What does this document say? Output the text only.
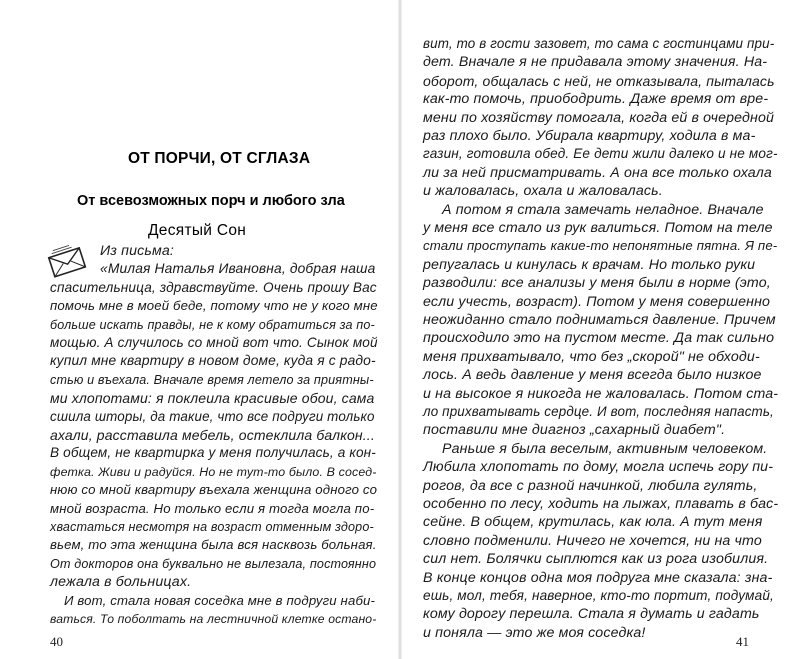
ОТ ПОРЧИ, ОТ СГЛАЗА
От всевозможных порч и любого зла
Десятый Сон
40
Из письма:
«Милая Наталья Ивановна, добрая наша
спасительница, здравствуйте. Очень прошу Вас
помочь мне в моей беде, потому что не у кого мне
больше искать правды, не к кому обратиться за по-
мощью. А случилось со мной вот что. Сынок мой
купил мне квартиру в новом доме, куда я с радо-
стью и въехала. Вначале время летело за приятны-
ми хлопотами: я поклеила красивые обои, сама
сшила шторы, да такие, что все подруги только
ахали, расставила мебель, остеклила балкон...
В общем, не квартирка у меня получилась, а кон-
фетка. Живи и радуйся. Но не тут-то было. В сосед-
нюю со мной квартиру въехала женщина одного со
мной возраста. Но только если я тогда могла по-
хвастаться несмотря на возраст отменным здоро-
вьем, то эта женщина была вся насквозь больная.
От докторов она буквально не вылезала, постоянно
лежала в больницах.
И вот, стала новая соседка мне в подруги наби-
ваться. То поболтать на лестничной клетке остано-
вит, то в гости зазовет, то сама с гостинцами при-
дет. Вначале я не придавала этому значения. На-
оборот, общалась с ней, не отказывала, пыталась
как-то помочь, приободрить. Даже время от вре-
мени по хозяйству помогала, когда ей в очередной
раз плохо было. Убирала квартиру, ходила в ма-
газин, готовила обед. Ее дети жили далеко и не мог-
ли за ней присматривать. А она все только охала
и жаловалась, охала и жаловалась.
А потом я стала замечать неладное. Вначале
у меня все стало из рук валиться. Потом на теле
стали проступать какие-то непонятные пятна. Я пе-
репугалась и кинулась к врачам. Но только руки
разводили: все анализы у меня были в норме (это,
если учесть, возраст). Потом у меня совершенно
неожиданно стало подниматься давление. Причем
происходило это на пустом месте. Да так сильно
меня прихватывало, что без „скорой" не обходи-
лось. А ведь давление у меня всегда было низкое
и на высокое я никогда не жаловалась. Потом ста-
ло прихватывать сердце. И вот, последняя напасть,
поставили мне диагноз „сахарный диабет".
Раньше я была веселым, активным человеком.
Любила хлопотать по дому, могла испечь гору пи-
рогов, да все с разной начинкой, любила гулять,
особенно по лесу, ходить на лыжах, плавать в бас-
сейне. В общем, крутилась, как юла. А тут меня
словно подменили. Ничего не хочется, ни на что
сил нет. Болячки сыплются как из рога изобилия.
В конце концов одна моя подруга мне сказала: зна-
ешь, мол, тебя, наверное, кто-то портит, подумай,
кому дорогу перешла. Стала я думать и гадать
и поняла — это же моя соседка!
41
